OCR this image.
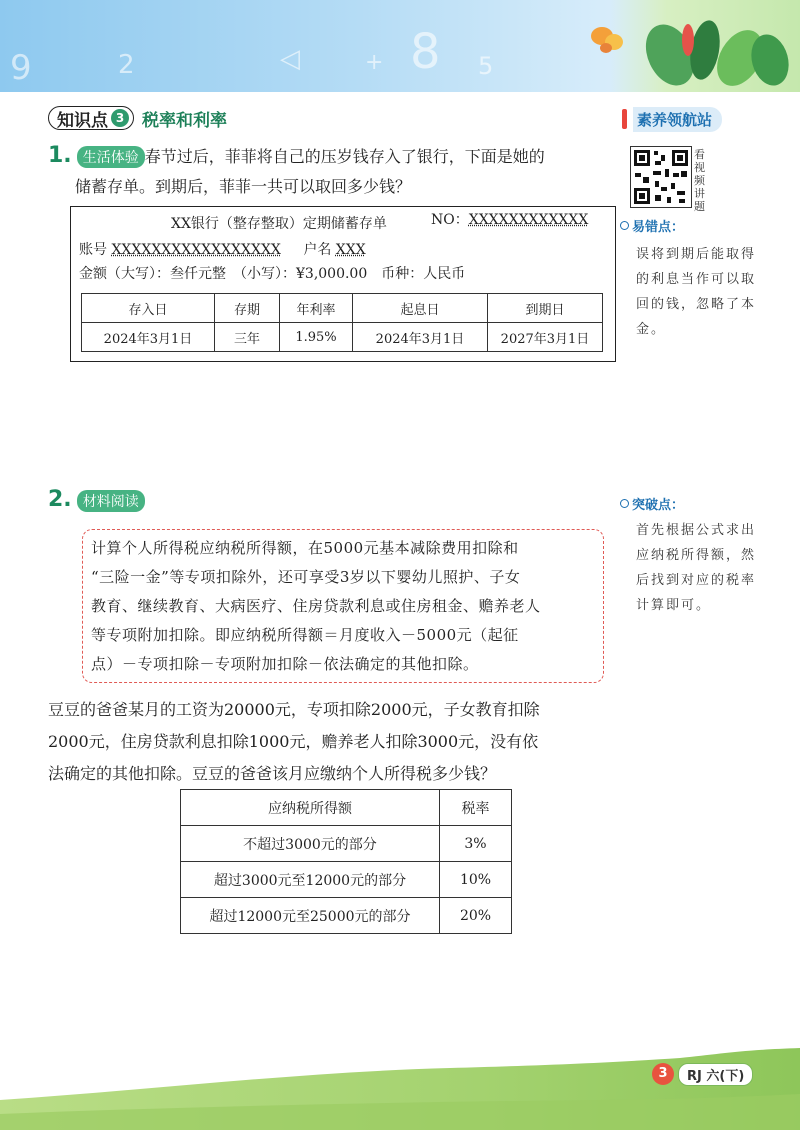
9	2	◁	+ 8 5
知识点 3 税率和利率	素养领航站
看视频讲题
易错点：
误将到期后能取得的利息当作可以取回的钱，忽略了本金。
突破点：
首先根据公式求出应纳税所得额，然后找到对应的税率计算即可。
1. 生活体验 春节过后，菲菲将自己的压岁钱存入了银行，下面是她的
储蓄存单。到期后，菲菲一共可以取回多少钱？
XX银行（整存整取）定期储蓄存单	NO：XXXXXXXXXXXX
账号 XXXXXXXXXXXXXXXXX 户名 XXX
金额（大写）：叁仟元整　（小写）：¥3,000.00　币种：人民币
存入日	存期	年利率	起息日	到期日
2024年3月1日	三年	1.95%	2024年3月1日	2027年3月1日
2. 材料阅读
计算个人所得税应纳税所得额，在5000元基本减除费用扣除和
“三险一金”等专项扣除外，还可享受3岁以下婴幼儿照护、子女
教育、继续教育、大病医疗、住房贷款利息或住房租金、赡养老人
等专项附加扣除。即应纳税所得额＝月度收入－5000元（起征
点）－专项扣除－专项附加扣除－依法确定的其他扣除。
豆豆的爸爸某月的工资为20000元，专项扣除2000元，子女教育扣除
2000元，住房贷款利息扣除1000元，赡养老人扣除3000元，没有依
法确定的其他扣除。豆豆的爸爸该月应缴纳个人所得税多少钱？
应纳税所得额	税率
不超过3000元的部分	3%
超过3000元至12000元的部分	10%
超过12000元至25000元的部分	20%
3	RJ 六(下)
